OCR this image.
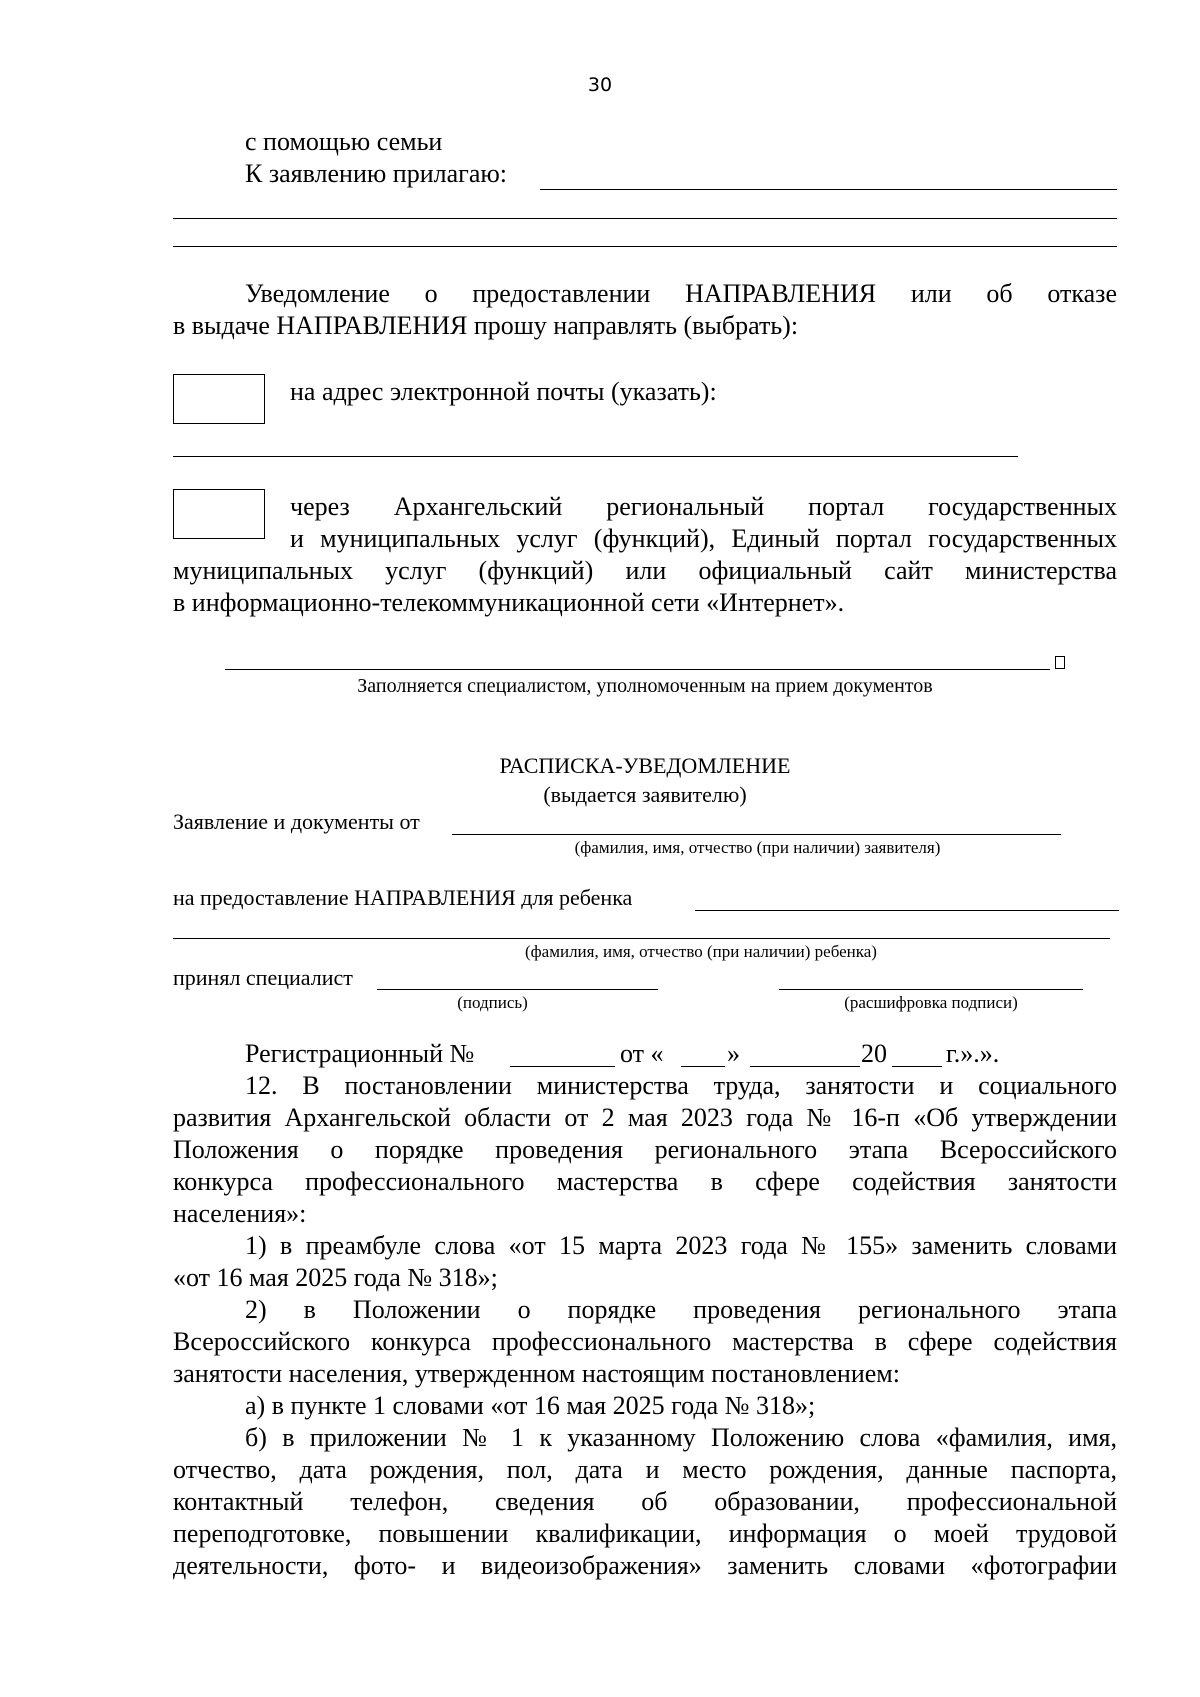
30
с помощью семьи
К заявлению прилагаю:

Уведомление о предоставлении НАПРАВЛЕНИЯ или об отказе

в выдаче НАПРАВЛЕНИЯ прошу направлять (выбрать):

на адрес электронной почты (указать):

через Архангельский региональный портал государственных

и муниципальных услуг (функций), Единый портал государственных

муниципальных услуг (функций) или официальный сайт министерства

в информационно-телекоммуникационной сети «Интернет».

Заполняется специалистом, уполномоченным на прием документов
РАСПИСКА-УВЕДОМЛЕНИЕ
(выдается заявителю)
Заявление и документы от
(фамилия, имя, отчество (при наличии) заявителя)
на предоставление НАПРАВЛЕНИЯ для ребенка
(фамилия, имя, отчество (при наличии) ребенка)
принял специалист
(подпись)	(расшифровка подписи)
Регистрационный №	от « »	20 г.».».

12. В постановлении министерства труда, занятости и социального

развития Архангельской области от 2 мая 2023 года № 16-п «Об утверждении

Положения о порядке проведения регионального этапа Всероссийского

конкурса профессионального мастерства в сфере содействия занятости

населения»:

1) в преамбуле слова «от 15 марта 2023 года № 155» заменить словами

«от 16 мая 2025 года № 318»;

2) в Положении о порядке проведения регионального этапа

Всероссийского конкурса профессионального мастерства в сфере содействия

занятости населения, утвержденном настоящим постановлением:

а) в пункте 1 словами «от 16 мая 2025 года № 318»;

б) в приложении № 1 к указанному Положению слова «фамилия, имя,

отчество, дата рождения, пол, дата и место рождения, данные паспорта,

контактный телефон, сведения об образовании, профессиональной

переподготовке, повышении квалификации, информация о моей трудовой

деятельности, фото- и видеоизображения» заменить словами «фотографии
